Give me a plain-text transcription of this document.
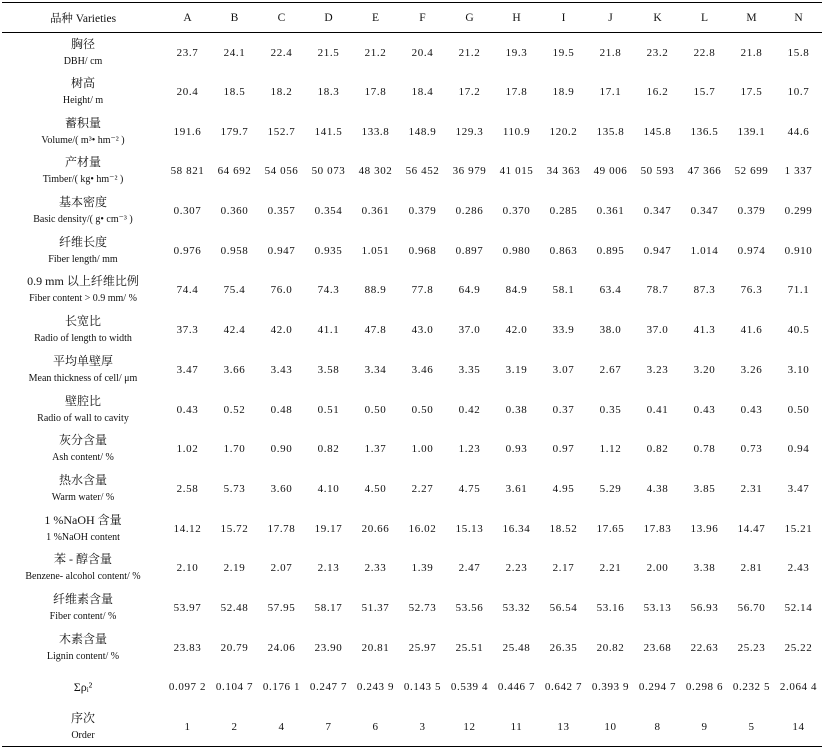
品种 Varieties	A	B	C	D	E	F	G	H	I	J	K	L	M	N

胸径
DBH/ cm	23.7	24.1	22.4	21.5	21.2	20.4	21.2	19.3	19.5	21.8	23.2	22.8	21.8	15.8

树高
Height/ m	20.4	18.5	18.2	18.3	17.8	18.4	17.2	17.8	18.9	17.1	16.2	15.7	17.5	10.7

蓄积量
Volume/( m³• hm⁻² )	191.6	179.7	152.7	141.5	133.8	148.9	129.3	110.9	120.2	135.8	145.8	136.5	139.1	44.6

产材量
Timber/( kg• hm⁻² )	58 821	64 692	54 056	50 073	48 302	56 452	36 979	41 015	34 363	49 006	50 593	47 366	52 699	1 337

基本密度
Basic density/( g• cm⁻³ )	0.307	0.360	0.357	0.354	0.361	0.379	0.286	0.370	0.285	0.361	0.347	0.347	0.379	0.299

纤维长度
Fiber length/ mm	0.976	0.958	0.947	0.935	1.051	0.968	0.897	0.980	0.863	0.895	0.947	1.014	0.974	0.910

0.9 mm 以上纤维比例
Fiber content > 0.9 mm/ %	74.4	75.4	76.0	74.3	88.9	77.8	64.9	84.9	58.1	63.4	78.7	87.3	76.3	71.1

长宽比
Radio of length to width	37.3	42.4	42.0	41.1	47.8	43.0	37.0	42.0	33.9	38.0	37.0	41.3	41.6	40.5

平均单壁厚
Mean thickness of cell/ μm	3.47	3.66	3.43	3.58	3.34	3.46	3.35	3.19	3.07	2.67	3.23	3.20	3.26	3.10

壁腔比
Radio of wall to cavity	0.43	0.52	0.48	0.51	0.50	0.50	0.42	0.38	0.37	0.35	0.41	0.43	0.43	0.50

灰分含量
Ash content/ %	1.02	1.70	0.90	0.82	1.37	1.00	1.23	0.93	0.97	1.12	0.82	0.78	0.73	0.94

热水含量
Warm water/ %	2.58	5.73	3.60	4.10	4.50	2.27	4.75	3.61	4.95	5.29	4.38	3.85	2.31	3.47

1 %NaOH 含量
1 %NaOH content	14.12	15.72	17.78	19.17	20.66	16.02	15.13	16.34	18.52	17.65	17.83	13.96	14.47	15.21

苯 - 醇含量
Benzene- alcohol content/ %	2.10	2.19	2.07	2.13	2.33	1.39	2.47	2.23	2.17	2.21	2.00	3.38	2.81	2.43

纤维素含量
Fiber content/ %	53.97	52.48	57.95	58.17	51.37	52.73	53.56	53.32	56.54	53.16	53.13	56.93	56.70	52.14

木素含量
Lignin content/ %	23.83	20.79	24.06	23.90	20.81	25.97	25.51	25.48	26.35	20.82	23.68	22.63	25.23	25.22

Σρᵢ²	0.097 2	0.104 7	0.176 1	0.247 7	0.243 9	0.143 5	0.539 4	0.446 7	0.642 7	0.393 9	0.294 7	0.298 6	0.232 5	2.064 4

序次
Order	1	2	4	7	6	3	12	11	13	10	8	9	5	14
